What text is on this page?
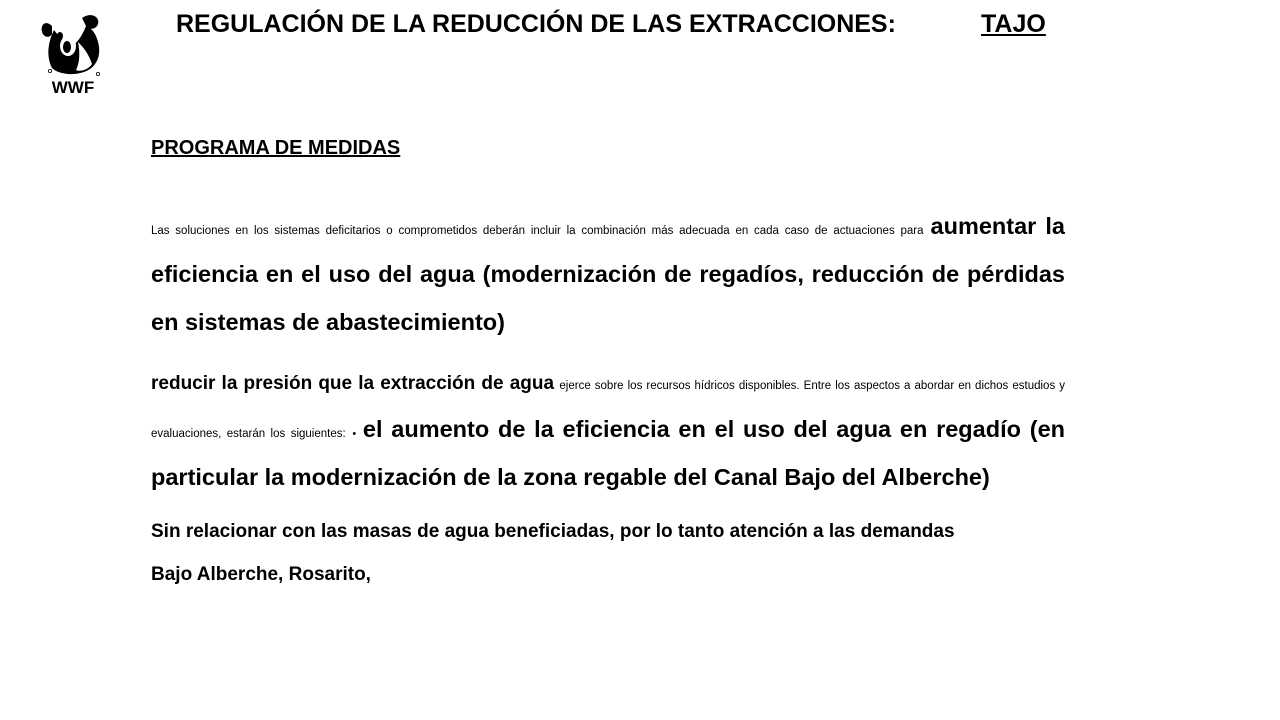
WWF
REGULACIÓN DE LA REDUCCIÓN DE LAS EXTRACCIONES:	TAJO
PROGRAMA DE MEDIDAS

Las soluciones en los sistemas deficitarios o comprometidos deberán incluir la combinación más adecuada en cada caso de actuaciones para aumentar la eficiencia en el uso del agua (modernización de regadíos, reducción de pérdidas en sistemas de abastecimiento)

reducir la presión que la extracción de agua ejerce sobre los recursos hídricos disponibles. Entre los aspectos a abordar en dichos estudios y evaluaciones, estarán los siguientes: • el aumento de la eficiencia en el uso del agua en regadío (en particular la modernización de la zona regable del Canal Bajo del Alberche)

Sin relacionar con las masas de agua beneficiadas, por lo tanto atención a las demandas

Bajo Alberche, Rosarito,
